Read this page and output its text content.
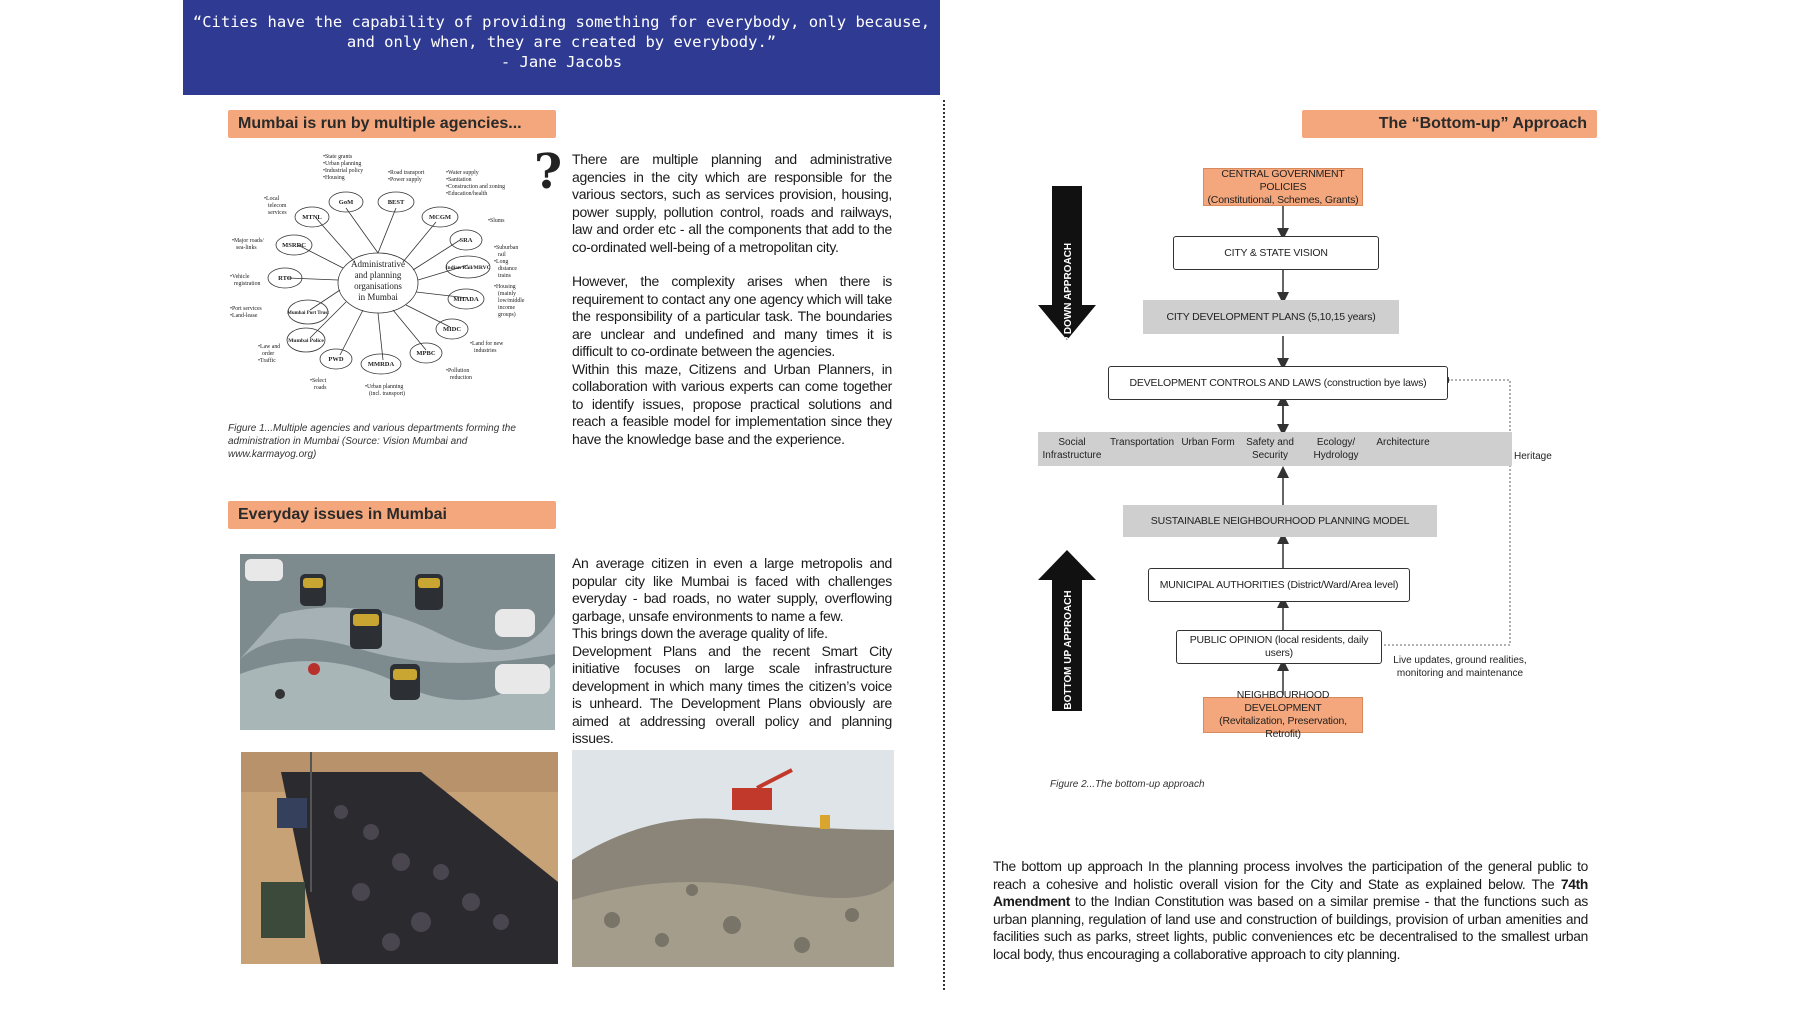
“Cities have the capability of providing something for everybody, only because,
and only when, they are created by everybody.”
- Jane Jacobs
Mumbai is run by multiple agencies...
Administrative
and planning
organisations
in Mumbai
GoM	BEST
MCGM
SRA
Indian Rail/MRVC
MHADA
MIDC
MPBC
MMRDA
PWD
Mumbai Police
Mumbai Port Trust
RTO
MSRDC
MTNL
•State grants
•Urban planning
•Industrial policy
•Housing
•Road transport
•Power supply
•Water supply
•Sanitation
•Construction and zoning
•Education/health
•Slums
•Suburban
rail
•Long
distance
trains
•Housing
(mainly
low/middle
income
groups)
•Land for new
industries
•Pollution
reduction
•Urban planning
(incl. transport)
•Select
roads
•Law and
order
•Traffic
•Port services
•Land-lease
•Vehicle
registration
•Major roads/
sea-links
•Local
telecom
services
Figure 1...Multiple agencies and various departments forming the administration in Mumbai (Source: Vision Mumbai and www.karmayog.org)
? There are multiple planning and administrative agencies in the city which are responsible for the various sectors, such as services provision, housing, power supply, pollution control, roads and railways, law and order etc - all the components that add to the co-ordinated well-being of a metropolitan city.

However, the complexity arises when there is requirement to contact any one agency which will take the responsibility of a particular task. The boundaries are unclear and undefined and many times it is difficult to co-ordinate between the agencies.

Within this maze, Citizens and Urban Planners, in collaboration with various experts can come together to identify issues, propose practical solutions and reach a feasible model for implementation since they have the knowledge base and the experience.

Everyday issues in Mumbai

An average citizen in even a large metropolis and popular city like Mumbai is faced with challenges everyday - bad roads, no water supply, overflowing garbage, unsafe environments to name a few.

This brings down the average quality of life.

Development Plans and the recent Smart City initiative focuses on large scale infrastructure development in which many times the citizen’s voice is unheard. The Development Plans obviously are aimed at addressing overall policy and planning issues.

The “Bottom-up” Approach
TOP DOWN APPROACH
BOTTOM UP APPROACH
CENTRAL GOVERNMENT POLICIES
(Constitutional, Schemes, Grants)
CITY & STATE VISION
CITY DEVELOPMENT PLANS (5,10,15 years)
DEVELOPMENT CONTROLS AND LAWS (construction bye laws)
Social
Infrastructure
Transportation Urban Form	Safety and
Security
Ecology/
Hydrology
Architecture
Heritage
SUSTAINABLE NEIGHBOURHOOD PLANNING MODEL
MUNICIPAL AUTHORITIES (District/Ward/Area level)
PUBLIC OPINION (local residents, daily users)
Live updates, ground realities,
monitoring and maintenance
NEIGHBOURHOOD DEVELOPMENT
(Revitalization, Preservation, Retrofit)
Figure 2...The bottom-up approach
The bottom up approach In the planning process involves the participation of the general public to reach a cohesive and holistic overall vision for the City and State as explained below. The 74th Amendment to the Indian Constitution was based on a similar premise - that the functions such as urban planning, regulation of land use and construction of buildings, provision of urban amenities and facilities such as parks, street lights, public conveniences etc be decentralised to the smallest urban local body, thus encouraging a collaborative approach to city planning.
